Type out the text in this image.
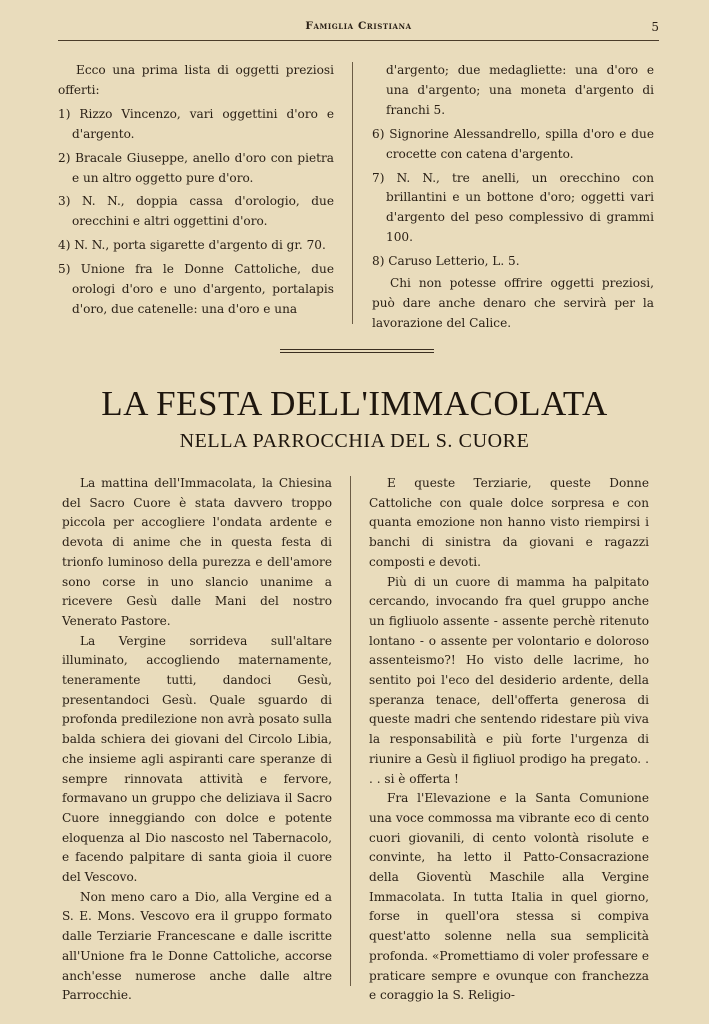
Famiglia Cristiana	5

Ecco una prima lista di oggetti preziosi offerti:

1) Rizzo Vincenzo, vari oggettini d'oro e d'argento.

2) Bracale Giuseppe, anello d'oro con pietra e un altro oggetto pure d'oro.

3) N. N., doppia cassa d'orologio, due orecchini e altri oggettini d'oro.

4) N. N., porta sigarette d'argento di gr. 70.

5) Unione fra le Donne Cattoliche, due orologi d'oro e uno d'argento, portalapis d'oro, due catenelle: una d'oro e una

d'argento; due medagliette: una d'oro e una d'argento; una moneta d'argento di franchi 5.

6) Signorine Alessandrello, spilla d'oro e due crocette con catena d'argento.

7) N. N., tre anelli, un orecchino con brillantini e un bottone d'oro; oggetti vari d'argento del peso complessivo di grammi 100.

8) Caruso Letterio, L. 5.

Chi non potesse offrire oggetti preziosi, può dare anche denaro che servirà per la lavorazione del Calice.

LA FESTA DELL'IMMACOLATA
NELLA PARROCCHIA DEL S. CUORE

La mattina dell'Immacolata, la Chiesina del Sacro Cuore è stata davvero troppo piccola per accogliere l'ondata ardente e devota di anime che in questa festa di trionfo luminoso della purezza e dell'amore sono corse in uno slancio unanime a ricevere Gesù dalle Mani del nostro Venerato Pastore.

La Vergine sorrideva sull'altare illuminato, accogliendo maternamente, teneramente tutti, dandoci Gesù, presentandoci Gesù. Quale sguardo di profonda predilezione non avrà posato sulla balda schiera dei giovani del Circolo Libia, che insieme agli aspiranti care speranze di sempre rinnovata attività e fervore, formavano un gruppo che deliziava il Sacro Cuore inneggiando con dolce e potente eloquenza al Dio nascosto nel Tabernacolo, e facendo palpitare di santa gioia il cuore del Vescovo.

Non meno caro a Dio, alla Vergine ed a S. E. Mons. Vescovo era il gruppo formato dalle Terziarie Francescane e dalle iscritte all'Unione fra le Donne Cattoliche, accorse anch'esse numerose anche dalle altre Parrocchie.

E queste Terziarie, queste Donne Cattoliche con quale dolce sorpresa e con quanta emozione non hanno visto riempirsi i banchi di sinistra da giovani e ragazzi composti e devoti.

Più di un cuore di mamma ha palpitato cercando, invocando fra quel gruppo anche un figliuolo assente - assente perchè ritenuto lontano - o assente per volontario e doloroso assenteismo?! Ho visto delle lacrime, ho sentito poi l'eco del desiderio ardente, della speranza tenace, dell'offerta generosa di queste madri che sentendo ridestare più viva la responsabilità e più forte l'urgenza di riunire a Gesù il figliuol prodigo ha pregato. . . . si è offerta !

Fra l'Elevazione e la Santa Comunione una voce commossa ma vibrante eco di cento cuori giovanili, di cento volontà risolute e convinte, ha letto il Patto-Consacrazione della Gioventù Maschile alla Vergine Immacolata. In tutta Italia in quel giorno, forse in quell'ora stessa si compiva quest'atto solenne nella sua semplicità profonda. «Promettiamo di voler professare e praticare sempre e ovunque con franchezza e coraggio la S. Religio-
